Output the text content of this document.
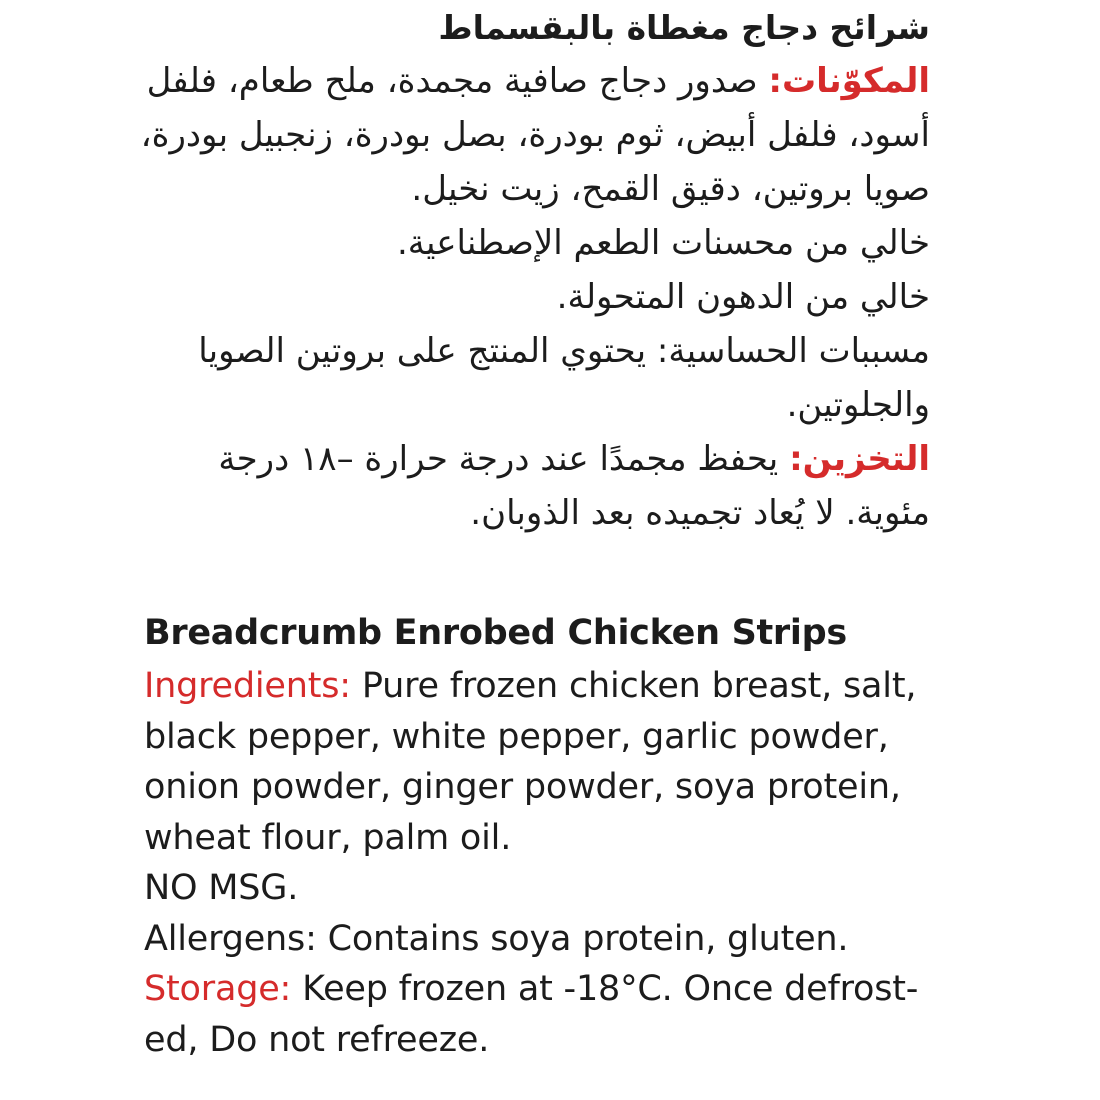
شرائح دجاج مغطاة بالبقسماط

المكوّنات: صدور دجاج صافية مجمدة، ملح طعام، فلفل أسود، فلفل أبيض، ثوم بودرة، بصل بودرة، زنجبيل بودرة، صويا بروتين، دقيق القمح، زيت نخيل.

خالي من محسنات الطعم الإصطناعية.

خالي من الدهون المتحولة.

مسببات الحساسية: يحتوي المنتج على بروتين الصويا والجلوتين.

التخزين: يحفظ مجمدًا عند درجة حرارة –١٨ درجة مئوية. لا يُعاد تجميده بعد الذوبان.

Breadcrumb Enrobed Chicken Strips

Ingredients: Pure frozen chicken breast, salt, black pepper, white pepper, garlic powder, onion powder, ginger powder, soya protein, wheat flour, palm oil.

NO MSG.

Allergens: Contains soya protein, gluten.

Storage: Keep frozen at -18°C. Once defrost-ed, Do not refreeze.
